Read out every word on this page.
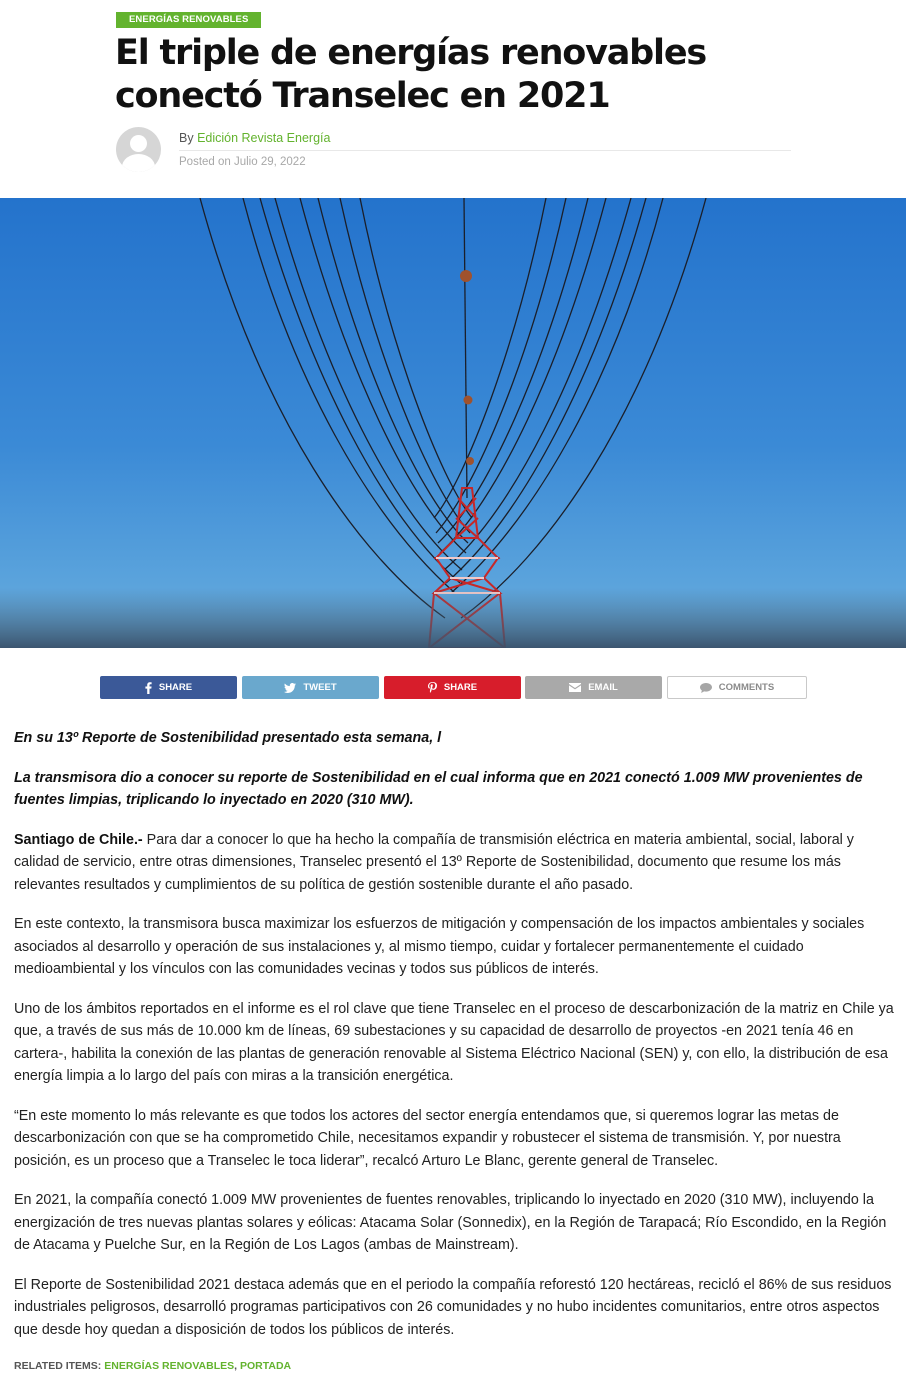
ENERGÍAS RENOVABLES
El triple de energías renovables conectó Transelec en 2021
By Edición Revista Energía
Posted on Julio 29, 2022
SHARE	TWEET	SHARE	EMAIL	COMMENTS

En su 13º Reporte de Sostenibilidad presentado esta semana, l

La transmisora dio a conocer su reporte de Sostenibilidad en el cual informa que en 2021 conectó 1.009 MW provenientes de fuentes limpias, triplicando lo inyectado en 2020 (310 MW).

Santiago de Chile.- Para dar a conocer lo que ha hecho la compañía de transmisión eléctrica en materia ambiental, social, laboral y calidad de servicio, entre otras dimensiones, Transelec presentó el 13º Reporte de Sostenibilidad, documento que resume los más relevantes resultados y cumplimientos de su política de gestión sostenible durante el año pasado.

En este contexto, la transmisora busca maximizar los esfuerzos de mitigación y compensación de los impactos ambientales y sociales asociados al desarrollo y operación de sus instalaciones y, al mismo tiempo, cuidar y fortalecer permanentemente el cuidado medioambiental y los vínculos con las comunidades vecinas y todos sus públicos de interés.

Uno de los ámbitos reportados en el informe es el rol clave que tiene Transelec en el proceso de descarbonización de la matriz en Chile ya que, a través de sus más de 10.000 km de líneas, 69 subestaciones y su capacidad de desarrollo de proyectos -en 2021 tenía 46 en cartera-, habilita la conexión de las plantas de generación renovable al Sistema Eléctrico Nacional (SEN) y, con ello, la distribución de esa energía limpia a lo largo del país con miras a la transición energética.

“En este momento lo más relevante es que todos los actores del sector energía entendamos que, si queremos lograr las metas de descarbonización con que se ha comprometido Chile, necesitamos expandir y robustecer el sistema de transmisión. Y, por nuestra posición, es un proceso que a Transelec le toca liderar”, recalcó Arturo Le Blanc, gerente general de Transelec.

En 2021, la compañía conectó 1.009 MW provenientes de fuentes renovables, triplicando lo inyectado en 2020 (310 MW), incluyendo la energización de tres nuevas plantas solares y eólicas: Atacama Solar (Sonnedix), en la Región de Tarapacá; Río Escondido, en la Región de Atacama y Puelche Sur, en la Región de Los Lagos (ambas de Mainstream).

El Reporte de Sostenibilidad 2021 destaca además que en el periodo la compañía reforestó 120 hectáreas, recicló el 86% de sus residuos industriales peligrosos, desarrolló programas participativos con 26 comunidades y no hubo incidentes comunitarios, entre otros aspectos que desde hoy quedan a disposición de todos los públicos de interés.

RELATED ITEMS: ENERGÍAS RENOVABLES, PORTADA
